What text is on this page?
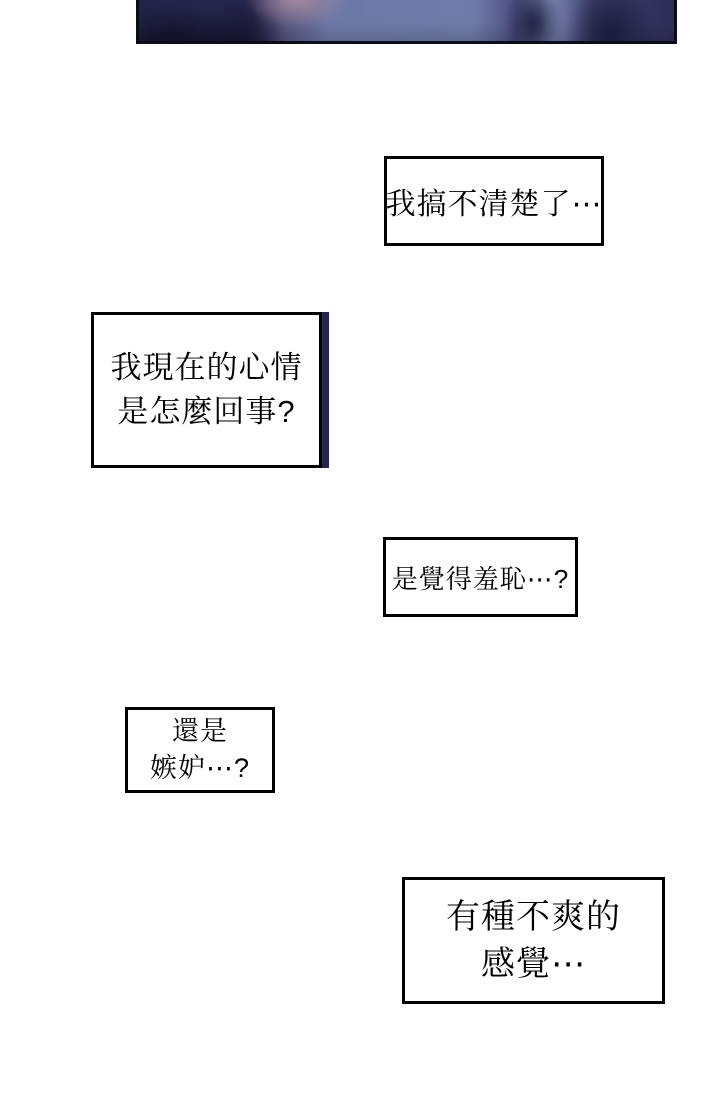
我搞不清楚了⋯
我現在的心情
是怎麼回事?
是覺得羞恥⋯?
還是
嫉妒⋯?
有種不爽的
感覺⋯
